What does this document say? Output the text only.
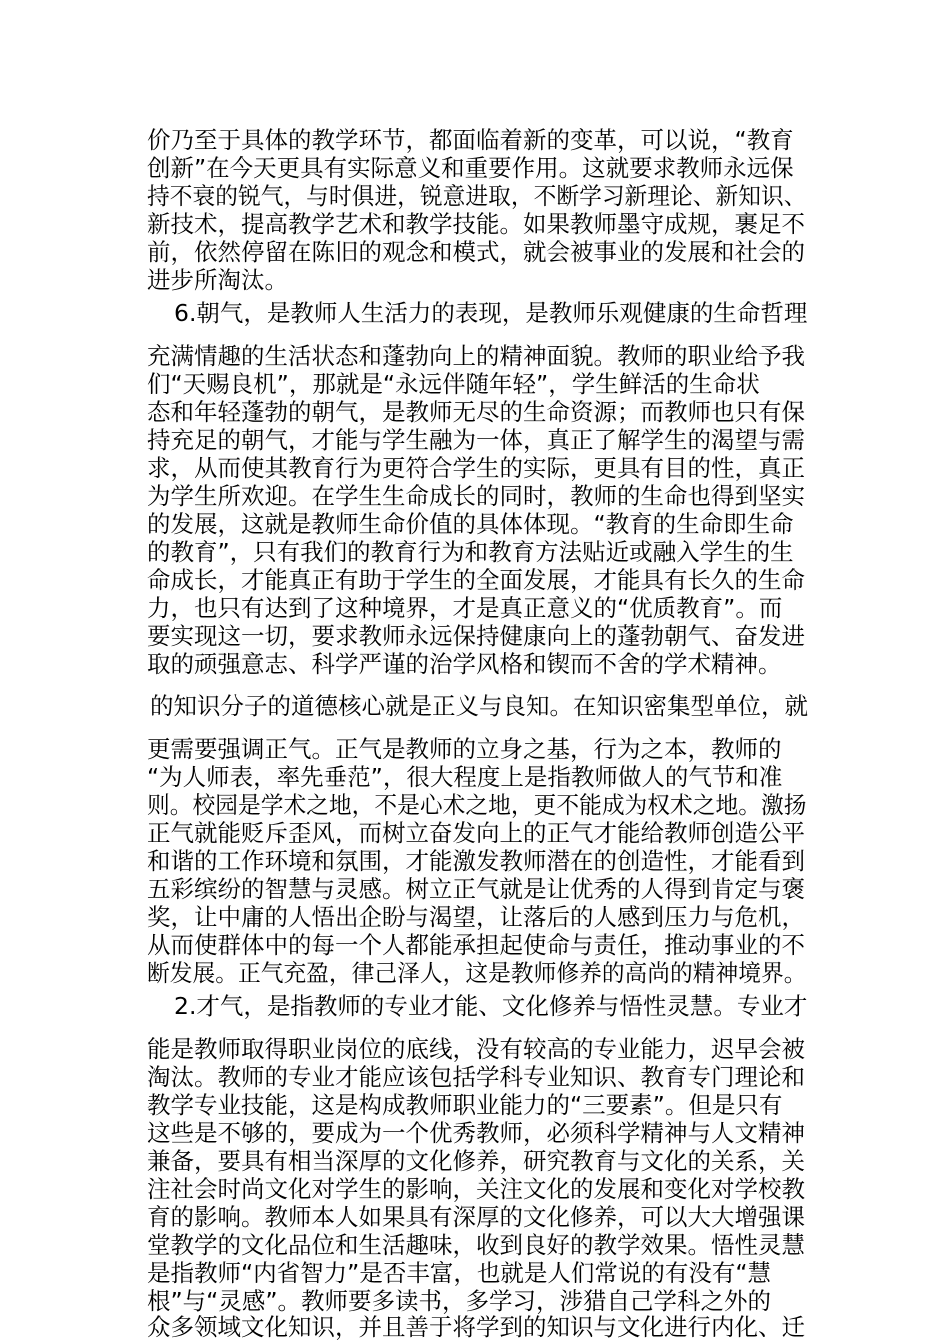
价乃至于具体的教学环节，都面临着新的变革，可以说，“教育
创新”在今天更具有实际意义和重要作用。这就要求教师永远保
持不衰的锐气，与时俱进，锐意进取，不断学习新理论、新知识、
新技术，提高教学艺术和教学技能。如果教师墨守成规，裹足不
前，依然停留在陈旧的观念和模式，就会被事业的发展和社会的
进步所淘汰。
6.朝气，是教师人生活力的表现，是教师乐观健康的生命哲理
充满情趣的生活状态和蓬勃向上的精神面貌。教师的职业给予我
们“天赐良机”，那就是“永远伴随年轻”，学生鲜活的生命状
态和年轻蓬勃的朝气，是教师无尽的生命资源；而教师也只有保
持充足的朝气，才能与学生融为一体，真正了解学生的渴望与需
求，从而使其教育行为更符合学生的实际，更具有目的性，真正
为学生所欢迎。在学生生命成长的同时，教师的生命也得到坚实
的发展，这就是教师生命价值的具体体现。“教育的生命即生命
的教育”，只有我们的教育行为和教育方法贴近或融入学生的生
命成长，才能真正有助于学生的全面发展，才能具有长久的生命
力，也只有达到了这种境界，才是真正意义的“优质教育”。而
要实现这一切，要求教师永远保持健康向上的蓬勃朝气、奋发进
取的顽强意志、科学严谨的治学风格和锲而不舍的学术精神。
的知识分子的道德核心就是正义与良知。在知识密集型单位，就
更需要强调正气。正气是教师的立身之基，行为之本，教师的
“为人师表，率先垂范”，很大程度上是指教师做人的气节和准
则。校园是学术之地，不是心术之地，更不能成为权术之地。激扬
正气就能贬斥歪风，而树立奋发向上的正气才能给教师创造公平
和谐的工作环境和氛围，才能激发教师潜在的创造性，才能看到
五彩缤纷的智慧与灵感。树立正气就是让优秀的人得到肯定与褒
奖，让中庸的人悟出企盼与渴望，让落后的人感到压力与危机，
从而使群体中的每一个人都能承担起使命与责任，推动事业的不
断发展。正气充盈，律己泽人，这是教师修养的高尚的精神境界。
2.才气，是指教师的专业才能、文化修养与悟性灵慧。专业才
能是教师取得职业岗位的底线，没有较高的专业能力，迟早会被
淘汰。教师的专业才能应该包括学科专业知识、教育专门理论和
教学专业技能，这是构成教师职业能力的“三要素”。但是只有
这些是不够的，要成为一个优秀教师，必须科学精神与人文精神
兼备，要具有相当深厚的文化修养，研究教育与文化的关系，关
注社会时尚文化对学生的影响，关注文化的发展和变化对学校教
育的影响。教师本人如果具有深厚的文化修养，可以大大增强课
堂教学的文化品位和生活趣味，收到良好的教学效果。悟性灵慧
是指教师“内省智力”是否丰富，也就是人们常说的有没有“慧
根”与“灵感”。教师要多读书，多学习，涉猎自己学科之外的
众多领域文化知识，并且善于将学到的知识与文化进行内化、迁
